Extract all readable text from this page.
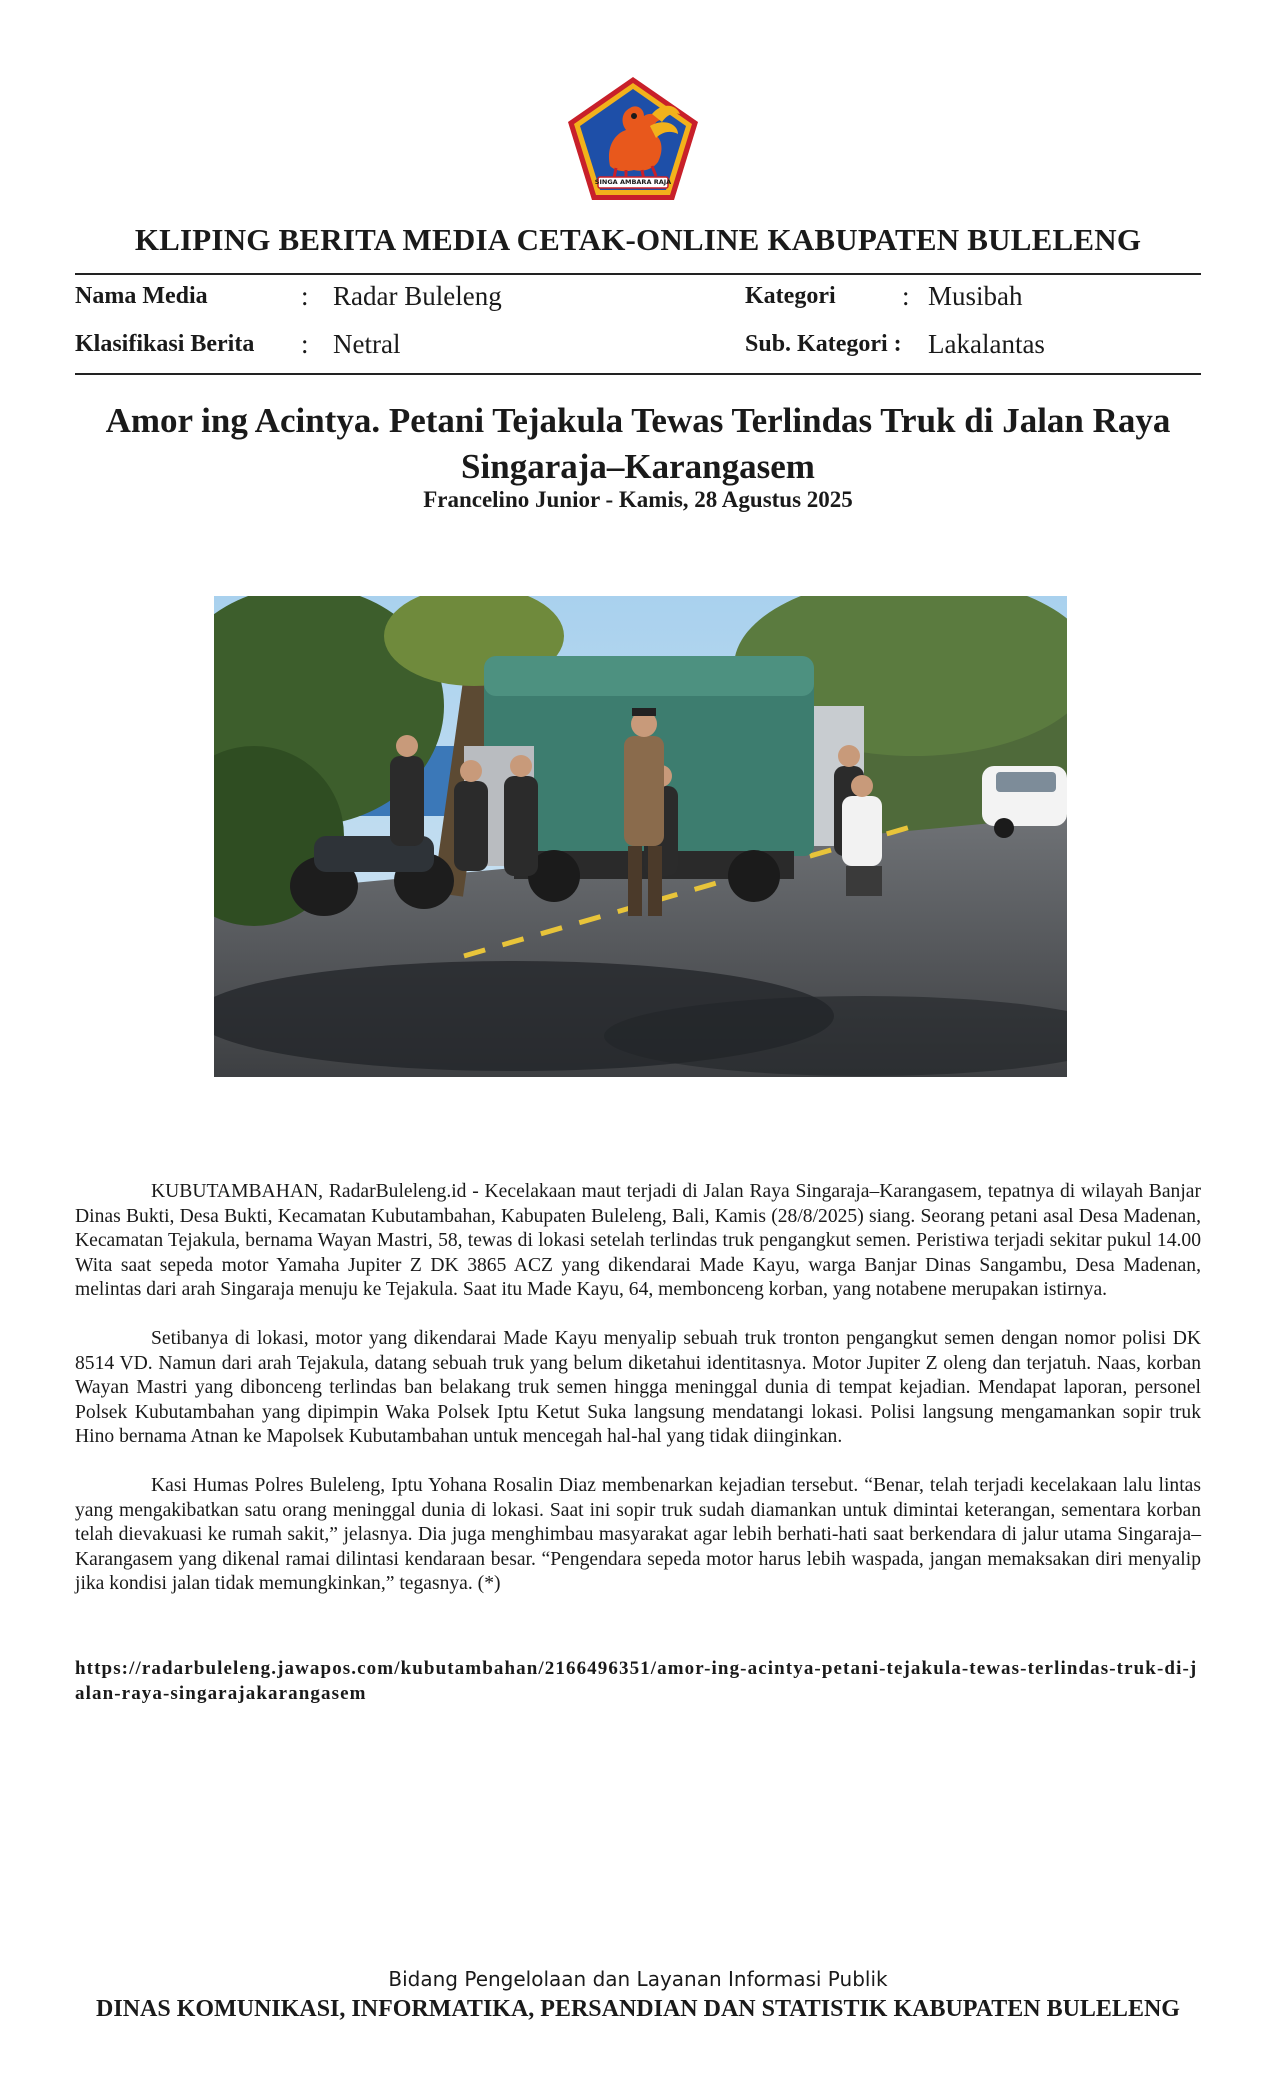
SINGA AMBARA RAJA
KLIPING BERITA MEDIA CETAK-ONLINE KABUPATEN BULELENG
Nama Media	: Radar Buleleng	Kategori : Musibah
Klasifikasi Berita : Netral	Sub. Kategori : Lakalantas
Amor ing Acintya. Petani Tejakula Tewas Terlindas Truk di Jalan Raya Singaraja–Karangasem
Francelino Junior - Kamis, 28 Agustus 2025

KUBUTAMBAHAN, RadarBuleleng.id - Kecelakaan maut terjadi di Jalan Raya Singaraja–Karangasem, tepatnya di wilayah Banjar Dinas Bukti, Desa Bukti, Kecamatan Kubutambahan, Kabupaten Buleleng, Bali, Kamis (28/8/2025) siang. Seorang petani asal Desa Madenan, Kecamatan Tejakula, bernama Wayan Mastri, 58, tewas di lokasi setelah terlindas truk pengangkut semen. Peristiwa terjadi sekitar pukul 14.00 Wita saat sepeda motor Yamaha Jupiter Z DK 3865 ACZ yang dikendarai Made Kayu, warga Banjar Dinas Sangambu, Desa Madenan, melintas dari arah Singaraja menuju ke Tejakula. Saat itu Made Kayu, 64, membonceng korban, yang notabene merupakan istirnya.

Setibanya di lokasi, motor yang dikendarai Made Kayu menyalip sebuah truk tronton pengangkut semen dengan nomor polisi DK 8514 VD. Namun dari arah Tejakula, datang sebuah truk yang belum diketahui identitasnya. Motor Jupiter Z oleng dan terjatuh. Naas, korban Wayan Mastri yang dibonceng terlindas ban belakang truk semen hingga meninggal dunia di tempat kejadian. Mendapat laporan, personel Polsek Kubutambahan yang dipimpin Waka Polsek Iptu Ketut Suka langsung mendatangi lokasi. Polisi langsung mengamankan sopir truk Hino bernama Atnan ke Mapolsek Kubutambahan untuk mencegah hal-hal yang tidak diinginkan.

Kasi Humas Polres Buleleng, Iptu Yohana Rosalin Diaz membenarkan kejadian tersebut. “Benar, telah terjadi kecelakaan lalu lintas yang mengakibatkan satu orang meninggal dunia di lokasi. Saat ini sopir truk sudah diamankan untuk dimintai keterangan, sementara korban telah dievakuasi ke rumah sakit,” jelasnya. Dia juga menghimbau masyarakat agar lebih berhati-hati saat berkendara di jalur utama Singaraja–Karangasem yang dikenal ramai dilintasi kendaraan besar. “Pengendara sepeda motor harus lebih waspada, jangan memaksakan diri menyalip jika kondisi jalan tidak memungkinkan,” tegasnya. (*)

https://radarbuleleng.jawapos.com/kubutambahan/2166496351/amor-ing-acintya-petani-tejakula-tewas-terlindas-truk-di-jalan-raya-singarajakarangasem
Bidang Pengelolaan dan Layanan Informasi Publik
DINAS KOMUNIKASI, INFORMATIKA, PERSANDIAN DAN STATISTIK KABUPATEN BULELENG
